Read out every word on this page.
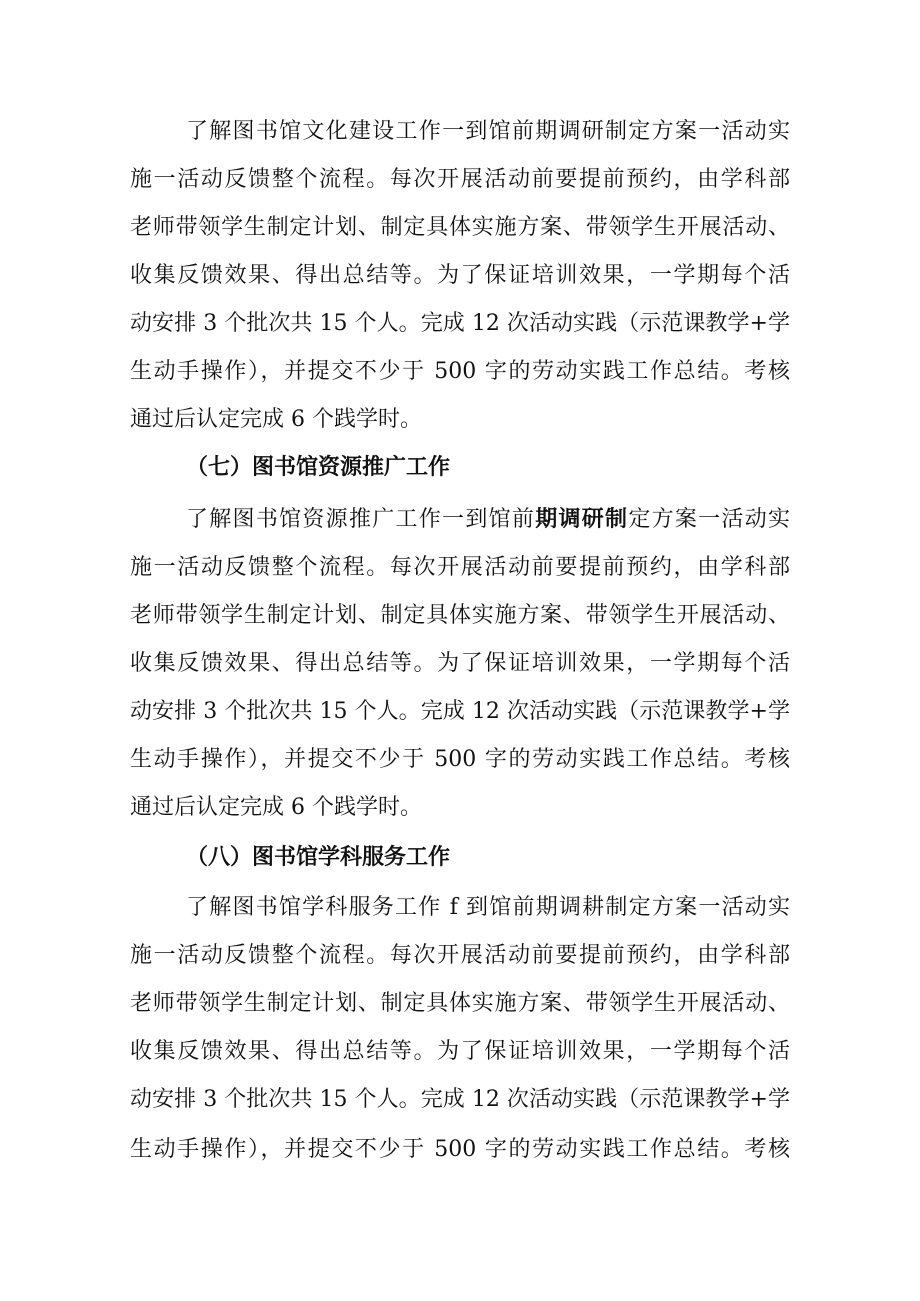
了解图书馆文化建设工作一到馆前期调研制定方案一活动实
施一活动反馈整个流程。每次开展活动前要提前预约，由学科部
老师带领学生制定计划、制定具体实施方案、带领学生开展活动、
收集反馈效果、得出总结等。为了保证培训效果，一学期每个活
动安排 3 个批次共 15 个人。完成 12 次活动实践（示范课教学+学
生动手操作），并提交不少于 500 字的劳动实践工作总结。考核
通过后认定完成 6 个践学时。
（七）图书馆资源推广工作
了解图书馆资源推广工作一到馆前期调研制定方案一活动实
施一活动反馈整个流程。每次开展活动前要提前预约，由学科部
老师带领学生制定计划、制定具体实施方案、带领学生开展活动、
收集反馈效果、得出总结等。为了保证培训效果，一学期每个活
动安排 3 个批次共 15 个人。完成 12 次活动实践（示范课教学+学
生动手操作），并提交不少于 500 字的劳动实践工作总结。考核
通过后认定完成 6 个践学时。
（八）图书馆学科服务工作
了解图书馆学科服务工作 f 到馆前期调耕制定方案一活动实
施一活动反馈整个流程。每次开展活动前要提前预约，由学科部
老师带领学生制定计划、制定具体实施方案、带领学生开展活动、
收集反馈效果、得出总结等。为了保证培训效果，一学期每个活
动安排 3 个批次共 15 个人。完成 12 次活动实践（示范课教学+学
生动手操作），并提交不少于 500 字的劳动实践工作总结。考核
